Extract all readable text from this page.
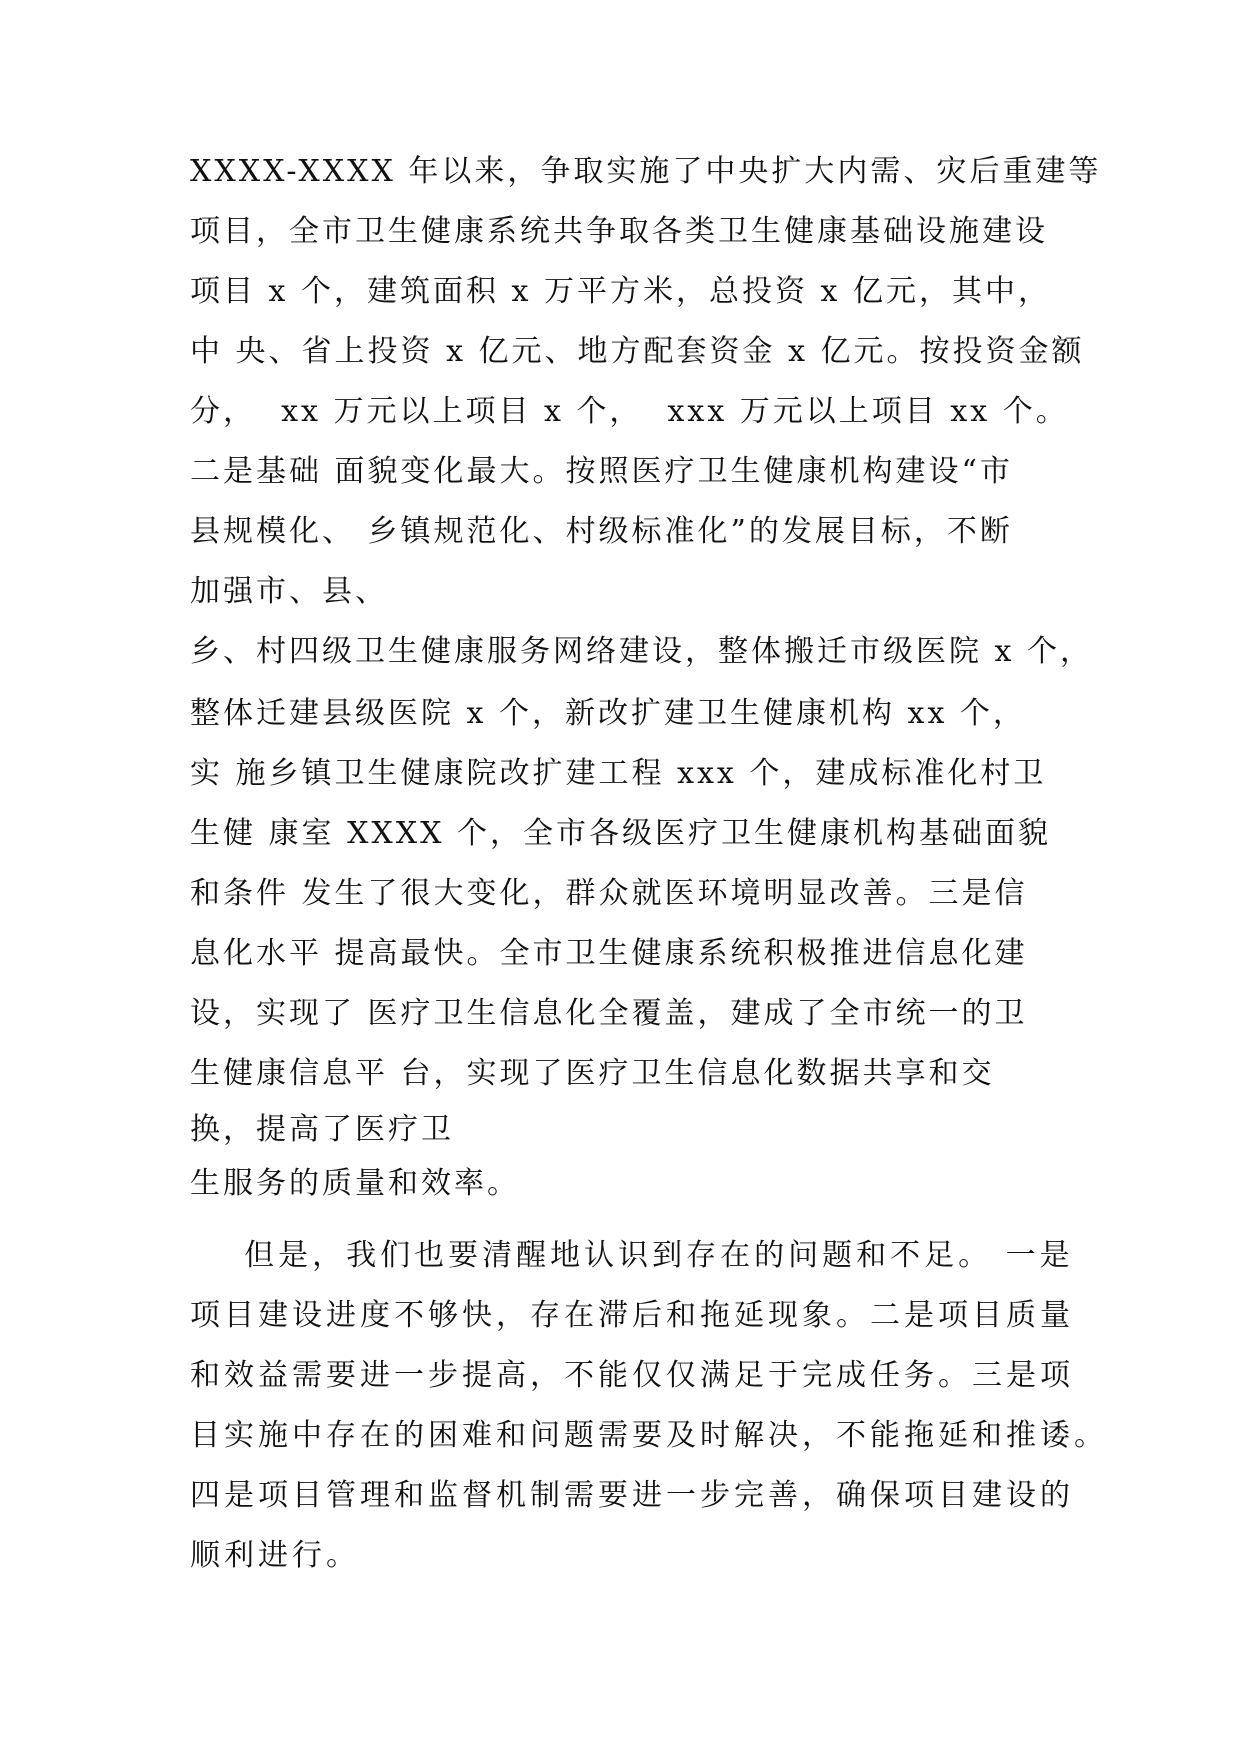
XXXX-XXXX 年以来，争取实施了中央扩大内需、灾后重建等
项目，全市卫生健康系统共争取各类卫生健康基础设施建设
项目 x 个，建筑面积 x 万平方米，总投资 x 亿元，其中，
中 央、省上投资 x 亿元、地方配套资金 x 亿元。按投资金额
分，  xx 万元以上项目 x 个，  xxx 万元以上项目 xx 个。
二是基础 面貌变化最大。按照医疗卫生健康机构建设“市
县规模化、 乡镇规范化、村级标准化”的发展目标，不断
加强市、县、
乡、村四级卫生健康服务网络建设，整体搬迁市级医院 x 个，
整体迁建县级医院 x 个，新改扩建卫生健康机构 xx 个，
实 施乡镇卫生健康院改扩建工程 xxx 个，建成标准化村卫
生健 康室 XXXX 个，全市各级医疗卫生健康机构基础面貌
和条件 发生了很大变化，群众就医环境明显改善。三是信
息化水平 提高最快。全市卫生健康系统积极推进信息化建
设，实现了 医疗卫生信息化全覆盖，建成了全市统一的卫
生健康信息平 台，实现了医疗卫生信息化数据共享和交
换，提高了医疗卫
生服务的质量和效率。
但是，我们也要清醒地认识到存在的问题和不足。 一是
项目建设进度不够快，存在滞后和拖延现象。二是项目质量
和效益需要进一步提高，不能仅仅满足于完成任务。三是项
目实施中存在的困难和问题需要及时解决，不能拖延和推诿。
四是项目管理和监督机制需要进一步完善，确保项目建设的
顺利进行。
